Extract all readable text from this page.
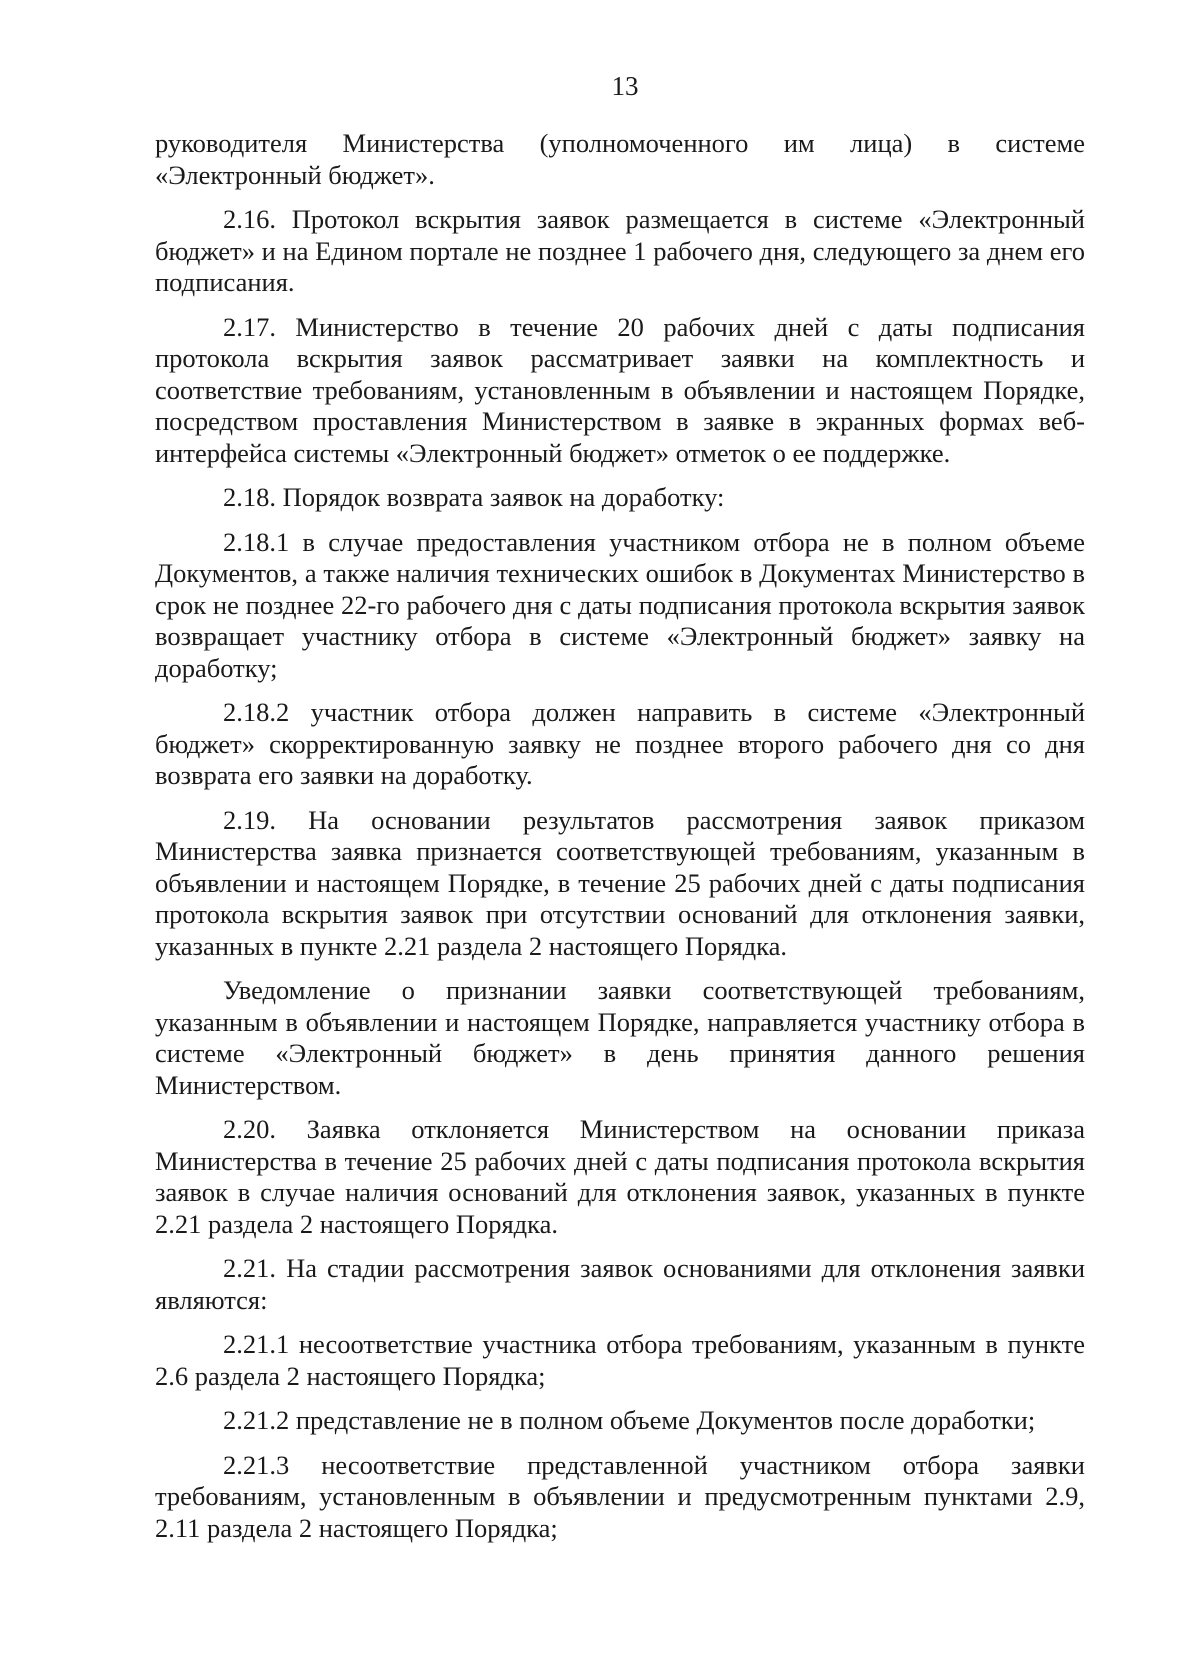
13

руководителя Министерства (уполномоченного им лица) в системе «Электронный бюджет».

2.16. Протокол вскрытия заявок размещается в системе «Электронный бюджет» и на Едином портале не позднее 1 рабочего дня, следующего за днем его подписания.

2.17. Министерство в течение 20 рабочих дней с даты подписания протокола вскрытия заявок рассматривает заявки на комплектность и соответствие требованиям, установленным в объявлении и настоящем Порядке, посредством проставления Министерством в заявке в экранных формах веб-интерфейса системы «Электронный бюджет» отметок о ее поддержке.

2.18. Порядок возврата заявок на доработку:

2.18.1 в случае предоставления участником отбора не в полном объеме Документов, а также наличия технических ошибок в Документах Министерство в срок не позднее 22-го рабочего дня с даты подписания протокола вскрытия заявок возвращает участнику отбора в системе «Электронный бюджет» заявку на доработку;

2.18.2 участник отбора должен направить в системе «Электронный бюджет» скорректированную заявку не позднее второго рабочего дня со дня возврата его заявки на доработку.

2.19. На основании результатов рассмотрения заявок приказом Министерства заявка признается соответствующей требованиям, указанным в объявлении и настоящем Порядке, в течение 25 рабочих дней с даты подписания протокола вскрытия заявок при отсутствии оснований для отклонения заявки, указанных в пункте 2.21 раздела 2 настоящего Порядка.

Уведомление о признании заявки соответствующей требованиям, указанным в объявлении и настоящем Порядке, направляется участнику отбора в системе «Электронный бюджет» в день принятия данного решения Министерством.

2.20. Заявка отклоняется Министерством на основании приказа Министерства в течение 25 рабочих дней с даты подписания протокола вскрытия заявок в случае наличия оснований для отклонения заявок, указанных в пункте 2.21 раздела 2 настоящего Порядка.

2.21. На стадии рассмотрения заявок основаниями для отклонения заявки являются:

2.21.1 несоответствие участника отбора требованиям, указанным в пункте 2.6 раздела 2 настоящего Порядка;

2.21.2 представление не в полном объеме Документов после доработки;

2.21.3 несоответствие представленной участником отбора заявки требованиям, установленным в объявлении и предусмотренным пунктами 2.9, 2.11 раздела 2 настоящего Порядка;
